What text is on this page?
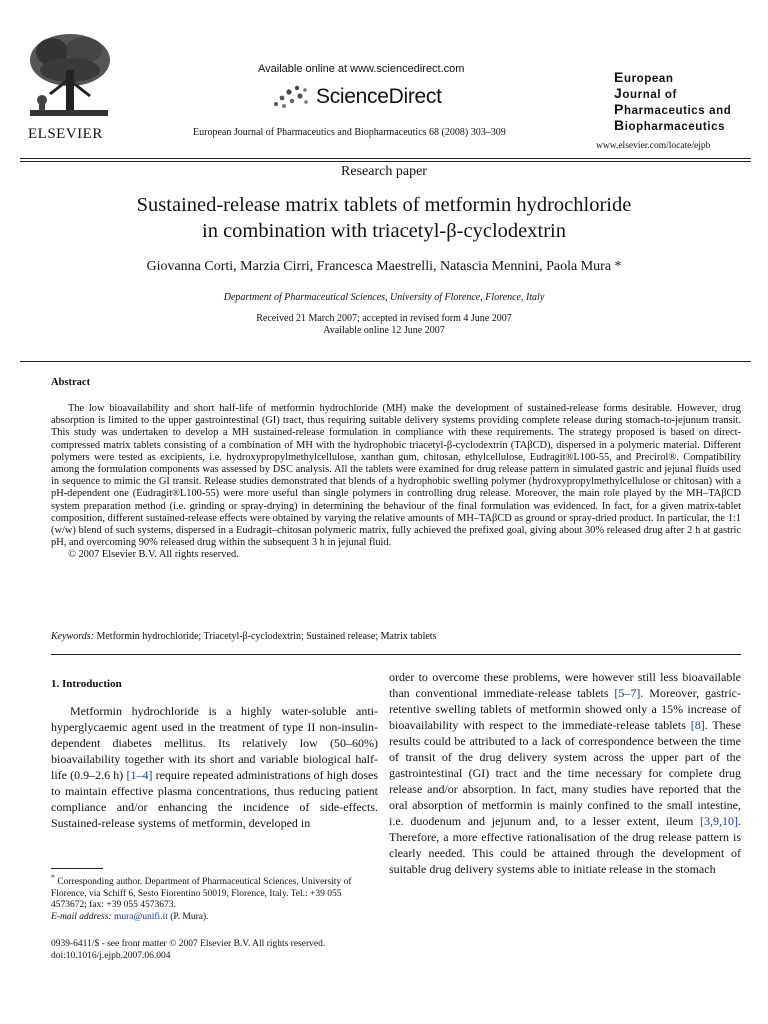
ELSEVIER
Available online at www.sciencedirect.com
ScienceDirect
European Journal of Pharmaceutics and Biopharmaceutics 68 (2008) 303–309
European
Journal of
Pharmaceutics and
Biopharmaceutics
www.elsevier.com/locate/ejpb
Research paper
Sustained-release matrix tablets of metformin hydrochloride
in combination with triacetyl-β-cyclodextrin
Giovanna Corti, Marzia Cirri, Francesca Maestrelli, Natascia Mennini, Paola Mura *
Department of Pharmaceutical Sciences, University of Florence, Florence, Italy
Received 21 March 2007; accepted in revised form 4 June 2007
Available online 12 June 2007
Abstract

The low bioavailability and short half-life of metformin hydrochloride (MH) make the development of sustained-release forms desirable. However, drug absorption is limited to the upper gastrointestinal (GI) tract, thus requiring suitable delivery systems providing complete release during stomach-to-jejunum transit. This study was undertaken to develop a MH sustained-release formulation in compliance with these requirements. The strategy proposed is based on direct-compressed matrix tablets consisting of a combination of MH with the hydrophobic triacetyl-β-cyclodextrin (TAβCD), dispersed in a polymeric material. Different polymers were tested as excipients, i.e. hydroxypropylmethylcellulose, xanthan gum, chitosan, ethylcellulose, Eudragit®L100-55, and Precirol®. Compatibility among the formulation components was assessed by DSC analysis. All the tablets were examined for drug release pattern in simulated gastric and jejunal fluids used in sequence to mimic the GI transit. Release studies demonstrated that blends of a hydrophobic swelling polymer (hydroxypropylmethylcellulose or chitosan) with a pH-dependent one (Eudragit®L100-55) were more useful than single polymers in controlling drug release. Moreover, the main role played by the MH–TAβCD system preparation method (i.e. grinding or spray-drying) in determining the behaviour of the final formulation was evidenced. In fact, for a given matrix-tablet composition, different sustained-release effects were obtained by varying the relative amounts of MH–TAβCD as ground or spray-dried product. In particular, the 1:1 (w/w) blend of such systems, dispersed in a Eudragit–chitosan polymeric matrix, fully achieved the prefixed goal, giving about 30% released drug after 2 h at gastric pH, and overcoming 90% released drug within the subsequent 3 h in jejunal fluid.

© 2007 Elsevier B.V. All rights reserved.

Keywords: Metformin hydrochloride; Triacetyl-β-cyclodextrin; Sustained release; Matrix tablets
1. Introduction

Metformin hydrochloride is a highly water-soluble anti-hyperglycaemic agent used in the treatment of type II non-insulin-dependent diabetes mellitus. Its relatively low (50–60%) bioavailability together with its short and variable biological half-life (0.9–2.6 h) [1–4] require repeated administrations of high doses to maintain effective plasma concentrations, thus reducing patient compliance and/or enhancing the incidence of side-effects. Sustained-release systems of metformin, developed in

order to overcome these problems, were however still less bioavailable than conventional immediate-release tablets [5–7]. Moreover, gastric-retentive swelling tablets of metformin showed only a 15% increase of bioavailability with respect to the immediate-release tablets [8]. These results could be attributed to a lack of correspondence between the time of transit of the drug delivery system across the upper part of the gastrointestinal (GI) tract and the time necessary for complete drug release and/or absorption. In fact, many studies have reported that the oral absorption of metformin is mainly confined to the small intestine, i.e. duodenum and jejunum and, to a lesser extent, ileum [3,9,10]. Therefore, a more effective rationalisation of the drug release pattern is clearly needed. This could be attained through the development of suitable drug delivery systems able to initiate release in the stomach

* Corresponding author. Department of Pharmaceutical Sciences, University of Florence, via Schiff 6, Sesto Fiorentino 50019, Florence, Italy. Tel.: +39 055 4573672; fax: +39 055 4573673.
E-mail address: mura@unifi.it (P. Mura).
0939-6411/$ - see front matter © 2007 Elsevier B.V. All rights reserved.
doi:10.1016/j.ejpb.2007.06.004
